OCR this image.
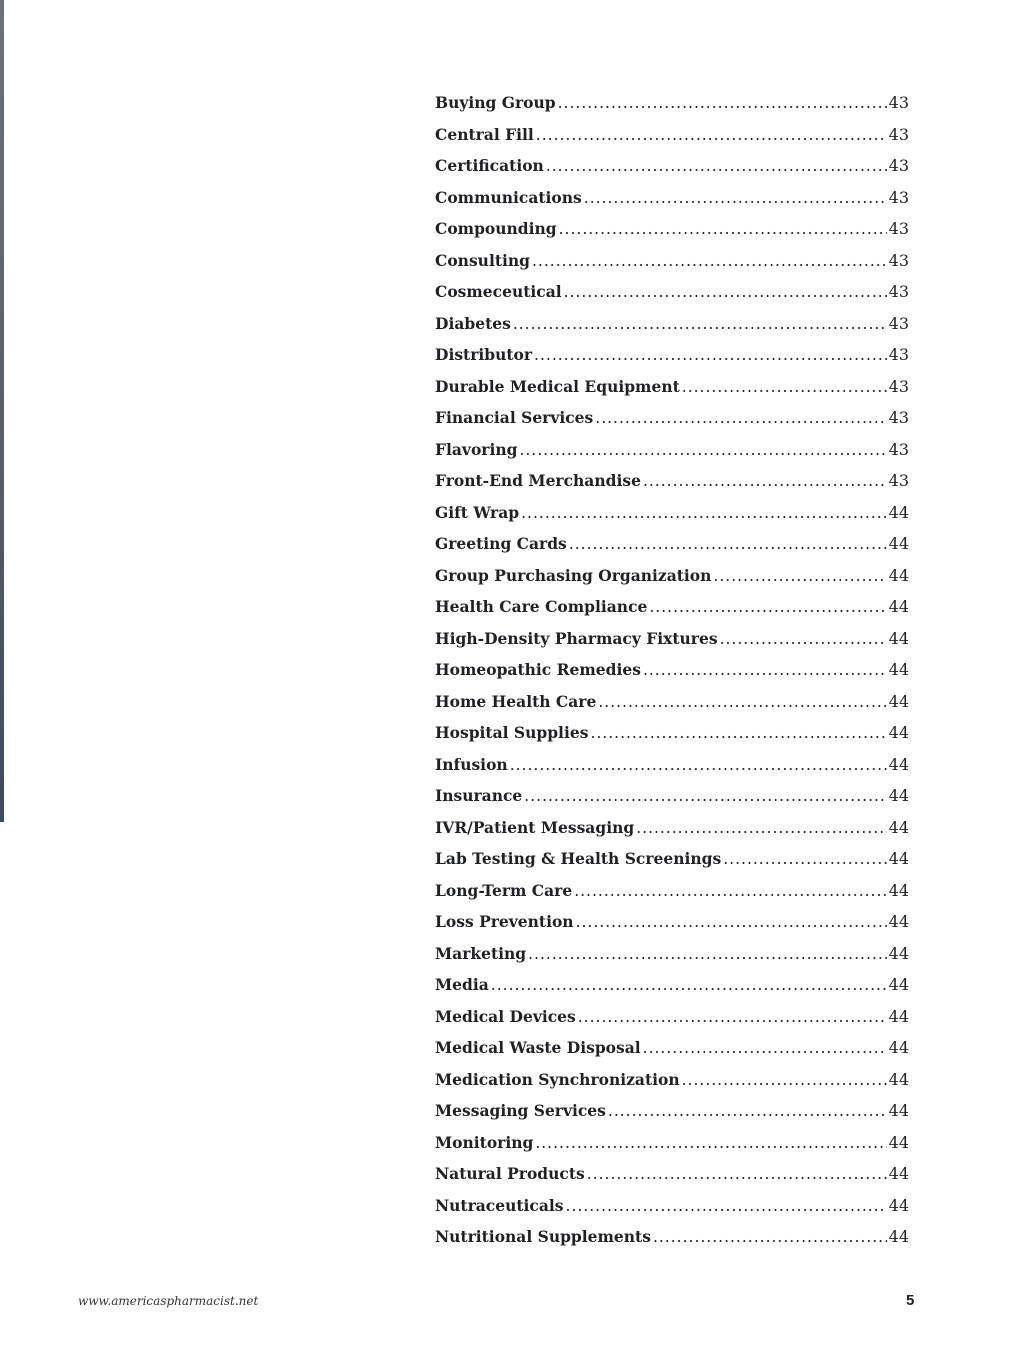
Buying Group .....	43
Central Fill .....	43
Certification .....	43
Communications .....	43
Compounding .....	43
Consulting .....	43
Cosmeceutical .....	43
Diabetes .....	43
Distributor .....	43
Durable Medical Equipment .....	43
Financial Services .....	43
Flavoring .....	43
Front-End Merchandise .....	43
Gift Wrap .....	44
Greeting Cards .....	44
Group Purchasing Organization .....	44
Health Care Compliance .....	44
High-Density Pharmacy Fixtures .....	44
Homeopathic Remedies .....	44
Home Health Care .....	44
Hospital Supplies .....	44
Infusion .....	44
Insurance .....	44
IVR/Patient Messaging .....	44
Lab Testing & Health Screenings .....	44
Long-Term Care .....	44
Loss Prevention .....	44
Marketing .....	44
Media .....	44
Medical Devices .....	44
Medical Waste Disposal .....	44
Medication Synchronization .....	44
Messaging Services .....	44
Monitoring .....	44
Natural Products .....	44
Nutraceuticals .....	44
Nutritional Supplements .....	44
www.americaspharmacist.net	5
